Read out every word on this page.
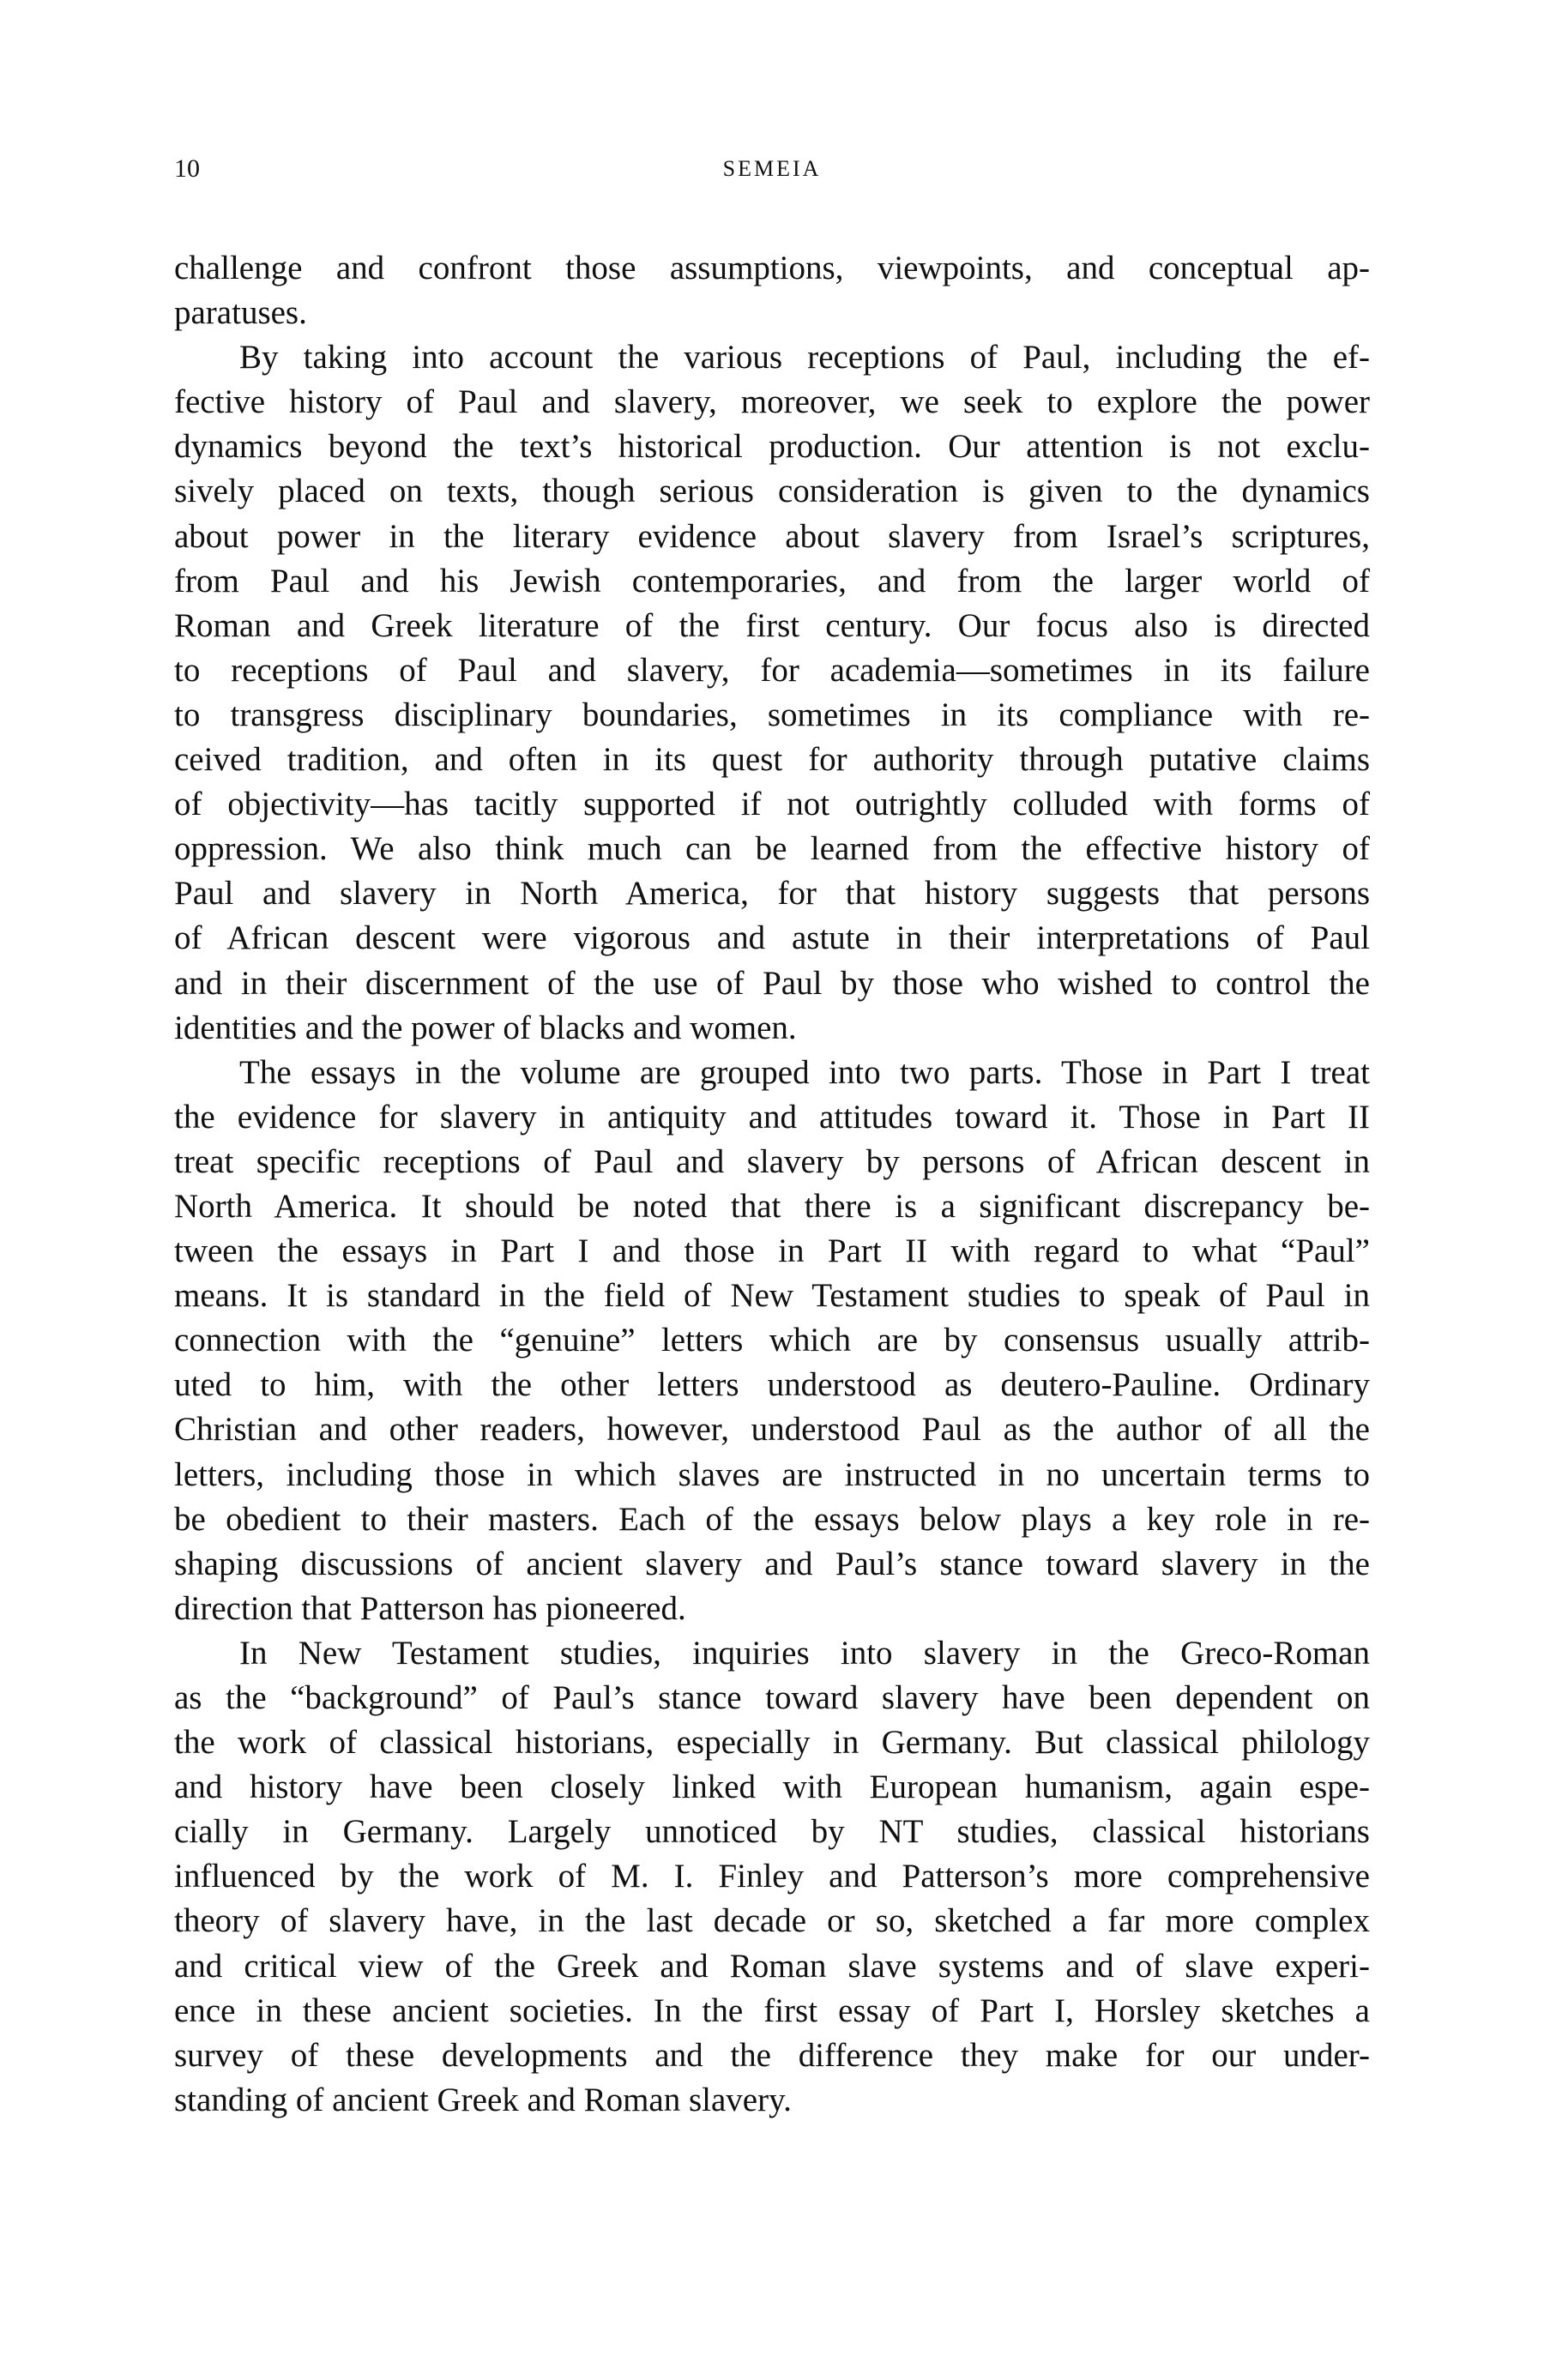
10	SEMEIA
challenge and confront those assumptions, viewpoints, and conceptual ap-
paratuses.
By taking into account the various receptions of Paul, including the ef-
fective history of Paul and slavery, moreover, we seek to explore the power
dynamics beyond the text’s historical production. Our attention is not exclu-
sively placed on texts, though serious consideration is given to the dynamics
about power in the literary evidence about slavery from Israel’s scriptures,
from Paul and his Jewish contemporaries, and from the larger world of
Roman and Greek literature of the first century. Our focus also is directed
to receptions of Paul and slavery, for academia—sometimes in its failure
to transgress disciplinary boundaries, sometimes in its compliance with re-
ceived tradition, and often in its quest for authority through putative claims
of objectivity—has tacitly supported if not outrightly colluded with forms of
oppression. We also think much can be learned from the effective history of
Paul and slavery in North America, for that history suggests that persons
of African descent were vigorous and astute in their interpretations of Paul
and in their discernment of the use of Paul by those who wished to control the
identities and the power of blacks and women.
The essays in the volume are grouped into two parts. Those in Part I treat
the evidence for slavery in antiquity and attitudes toward it. Those in Part II
treat specific receptions of Paul and slavery by persons of African descent in
North America. It should be noted that there is a significant discrepancy be-
tween the essays in Part I and those in Part II with regard to what “Paul”
means. It is standard in the field of New Testament studies to speak of Paul in
connection with the “genuine” letters which are by consensus usually attrib-
uted to him, with the other letters understood as deutero-Pauline. Ordinary
Christian and other readers, however, understood Paul as the author of all the
letters, including those in which slaves are instructed in no uncertain terms to
be obedient to their masters. Each of the essays below plays a key role in re-
shaping discussions of ancient slavery and Paul’s stance toward slavery in the
direction that Patterson has pioneered.
In New Testament studies, inquiries into slavery in the Greco-Roman
as the “background” of Paul’s stance toward slavery have been dependent on
the work of classical historians, especially in Germany. But classical philology
and history have been closely linked with European humanism, again espe-
cially in Germany. Largely unnoticed by NT studies, classical historians
influenced by the work of M. I. Finley and Patterson’s more comprehensive
theory of slavery have, in the last decade or so, sketched a far more complex
and critical view of the Greek and Roman slave systems and of slave experi-
ence in these ancient societies. In the first essay of Part I, Horsley sketches a
survey of these developments and the difference they make for our under-
standing of ancient Greek and Roman slavery.
